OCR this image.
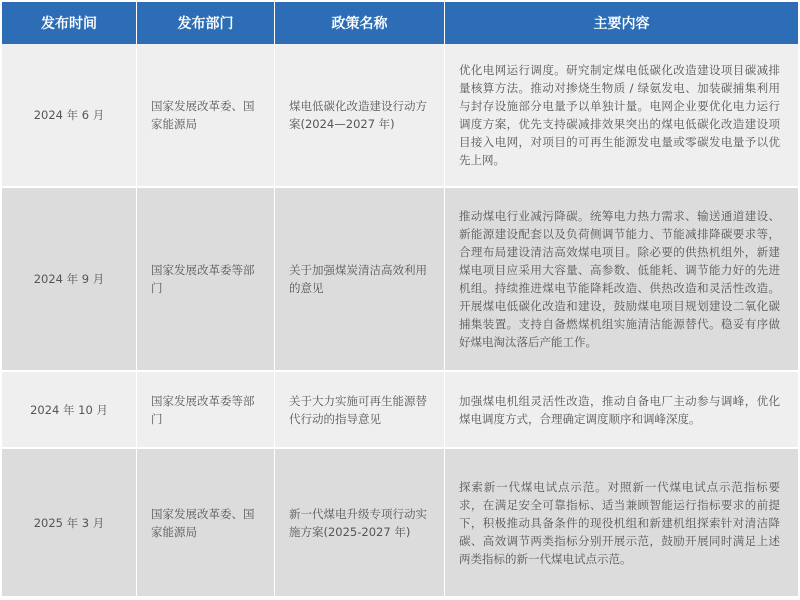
发布时间	发布部门	政策名称	主要内容
2024 年 6 月	国家发展改革委、国家能源局	煤电低碳化改造建设行动方案(2024—2027 年)	优化电网运行调度。研究制定煤电低碳化改造建设项目碳减排量核算方法。推动对掺烧生物质 / 绿氨发电、加装碳捕集利用与封存设施部分电量予以单独计量。电网企业要优化电力运行调度方案，优先支持碳减排效果突出的煤电低碳化改造建设项目接入电网，对项目的可再生能源发电量或零碳发电量予以优先上网。
2024 年 9 月	国家发展改革委等部门	关于加强煤炭清洁高效利用的意见	推动煤电行业减污降碳。统筹电力热力需求、输送通道建设、新能源建设配套以及负荷侧调节能力、节能减排降碳要求等，合理布局建设清洁高效煤电项目。除必要的供热机组外，新建煤电项目应采用大容量、高参数、低能耗、调节能力好的先进机组。持续推进煤电节能降耗改造、供热改造和灵活性改造。开展煤电低碳化改造和建设，鼓励煤电项目规划建设二氧化碳捕集装置。支持自备燃煤机组实施清洁能源替代。稳妥有序做好煤电淘汰落后产能工作。
2024 年 10 月	国家发展改革委等部门	关于大力实施可再生能源替代行动的指导意见	加强煤电机组灵活性改造，推动自备电厂主动参与调峰，优化煤电调度方式，合理确定调度顺序和调峰深度。
2025 年 3 月	国家发展改革委、国家能源局	新一代煤电升级专项行动实施方案(2025-2027 年)	探索新一代煤电试点示范。对照新一代煤电试点示范指标要求，在满足安全可靠指标、适当兼顾智能运行指标要求的前提下，积极推动具备条件的现役机组和新建机组探索针对清洁降碳、高效调节两类指标分别开展示范，鼓励开展同时满足上述两类指标的新一代煤电试点示范。
